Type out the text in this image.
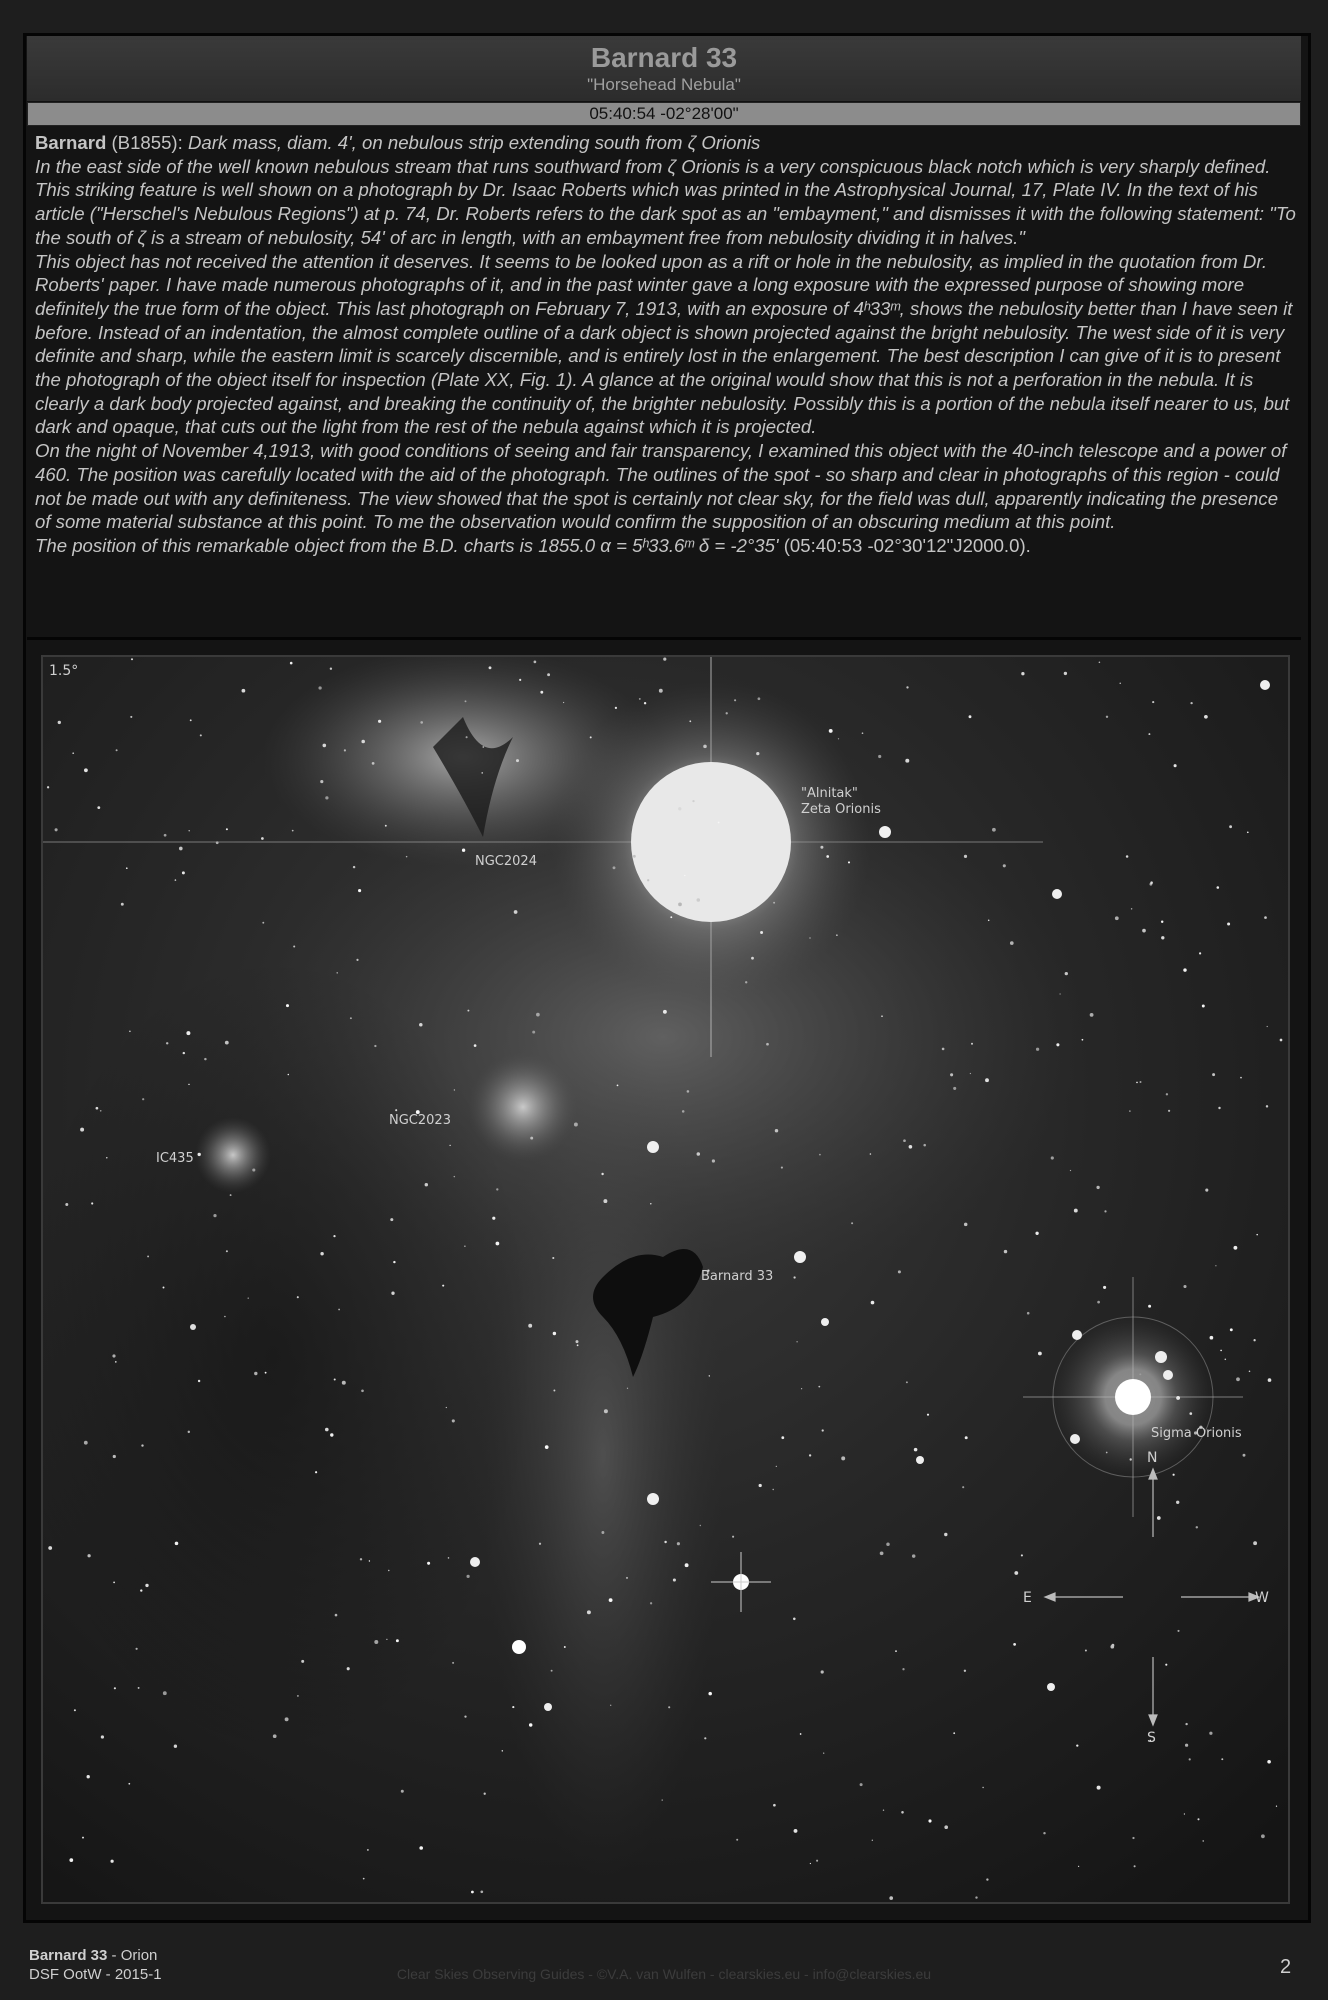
Barnard 33
"Horsehead Nebula"
05:40:54 -02°28'00"

Barnard (B1855): Dark mass, diam. 4', on nebulous strip extending south from ζ Orionis

In the east side of the well known nebulous stream that runs southward from ζ Orionis is a very conspicuous black notch which is very sharply defined. This striking feature is well shown on a photograph by Dr. Isaac Roberts which was printed in the Astrophysical Journal, 17, Plate IV. In the text of his article ("Herschel's Nebulous Regions") at p. 74, Dr. Roberts refers to the dark spot as an "embayment," and dismisses it with the following statement: "To the south of ζ is a stream of nebulosity, 54' of arc in length, with an embayment free from nebulosity dividing it in halves."

This object has not received the attention it deserves. It seems to be looked upon as a rift or hole in the nebulosity, as implied in the quotation from Dr. Roberts' paper. I have made numerous photographs of it, and in the past winter gave a long exposure with the expressed purpose of showing more definitely the true form of the object. This last photograph on February 7, 1913, with an exposure of 4ʰ33ᵐ, shows the nebulosity better than I have seen it before. Instead of an indentation, the almost complete outline of a dark object is shown projected against the bright nebulosity. The west side of it is very definite and sharp, while the eastern limit is scarcely discernible, and is entirely lost in the enlargement. The best description I can give of it is to present the photograph of the object itself for inspection (Plate XX, Fig. 1). A glance at the original would show that this is not a perforation in the nebula. It is clearly a dark body projected against, and breaking the continuity of, the brighter nebulosity. Possibly this is a portion of the nebula itself nearer to us, but dark and opaque, that cuts out the light from the rest of the nebula against which it is projected.

On the night of November 4,1913, with good conditions of seeing and fair transparency, I examined this object with the 40-inch telescope and a power of 460. The position was carefully located with the aid of the photograph. The outlines of the spot - so sharp and clear in photographs of this region - could not be made out with any definiteness. The view showed that the spot is certainly not clear sky, for the field was dull, apparently indicating the presence of some material substance at this point. To me the observation would confirm the supposition of an obscuring medium at this point.

The position of this remarkable object from the B.D. charts is 1855.0 α = 5ʰ33.6ᵐ δ = -2°35' (05:40:53 -02°30'12"J2000.0).

1.5°
"Alnitak"
Zeta Orionis
NGC2024
NGC2023
IC435
Barnard 33
Sigma Orionis
N
S
E	W
Barnard 33 - Orion
DSF OotW - 2015-1	Clear Skies Observing Guides - ©V.A. van Wulfen - clearskies.eu - info@clearskies.eu	2
